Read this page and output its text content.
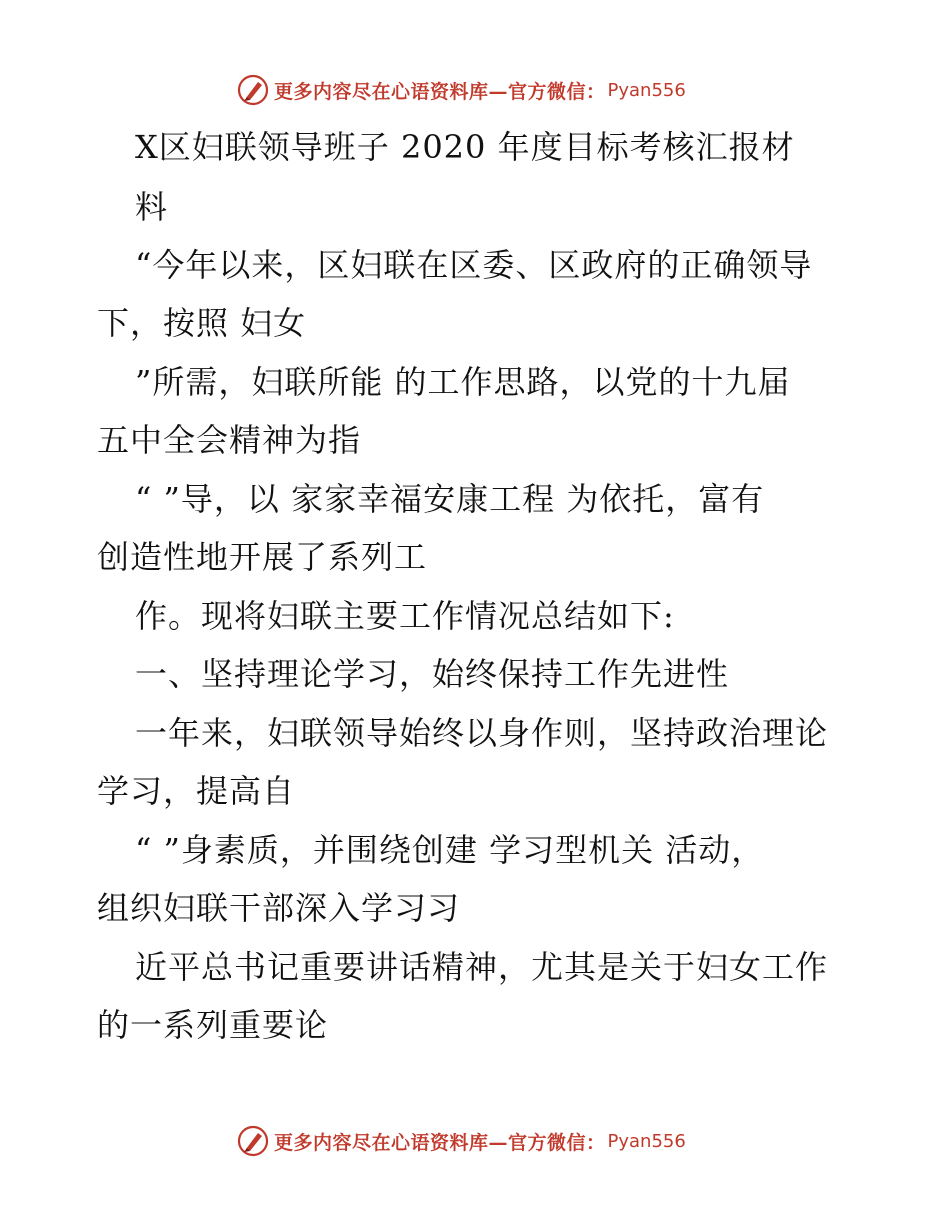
更多内容尽在心语资料库—官方微信： Pyan556
X区妇联领导班子 2020 年度目标考核汇报材
料
“今年以来，区妇联在区委、区政府的正确领导
下，按照 妇女
”所需，妇联所能 的工作思路，以党的十九届
五中全会精神为指
“ ”导，以 家家幸福安康工程 为依托，富有
创造性地开展了系列工
作。现将妇联主要工作情况总结如下:
一、坚持理论学习，始终保持工作先进性
一年来，妇联领导始终以身作则，坚持政治理论
学习，提高自
“ ”身素质，并围绕创建 学习型机关 活动，
组织妇联干部深入学习习
近平总书记重要讲话精神，尤其是关于妇女工作
的一系列重要论
更多内容尽在心语资料库—官方微信： Pyan556
